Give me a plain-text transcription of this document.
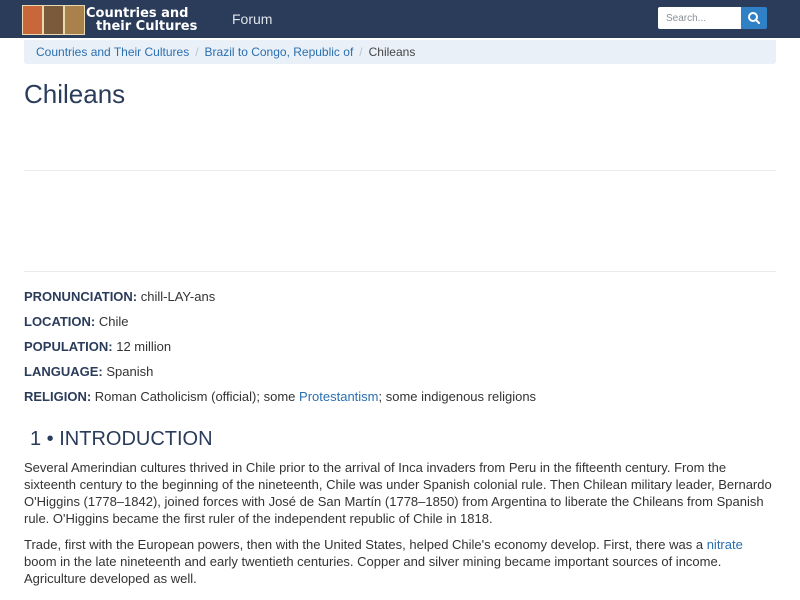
Countries and
their Cultures Forum
Search...
Countries and Their Cultures / Brazil to Congo, Republic of / Chileans
Chileans
PRONUNCIATION: chill-LAY-ans
LOCATION: Chile
POPULATION: 12 million
LANGUAGE: Spanish
RELIGION: Roman Catholicism (official); some Protestantism; some indigenous religions
1 • INTRODUCTION

Several Amerindian cultures thrived in Chile prior to the arrival of Inca invaders from Peru in the fifteenth century. From the sixteenth century to the beginning of the nineteenth, Chile was under Spanish colonial rule. Then Chilean military leader, Bernardo O'Higgins (1778–1842), joined forces with José de San Martín (1778–1850) from Argentina to liberate the Chileans from Spanish rule. O'Higgins became the first ruler of the independent republic of Chile in 1818.

Trade, first with the European powers, then with the United States, helped Chile's economy develop. First, there was a nitrate boom in the late nineteenth and early twentieth centuries. Copper and silver mining became important sources of income. Agriculture developed as well.
